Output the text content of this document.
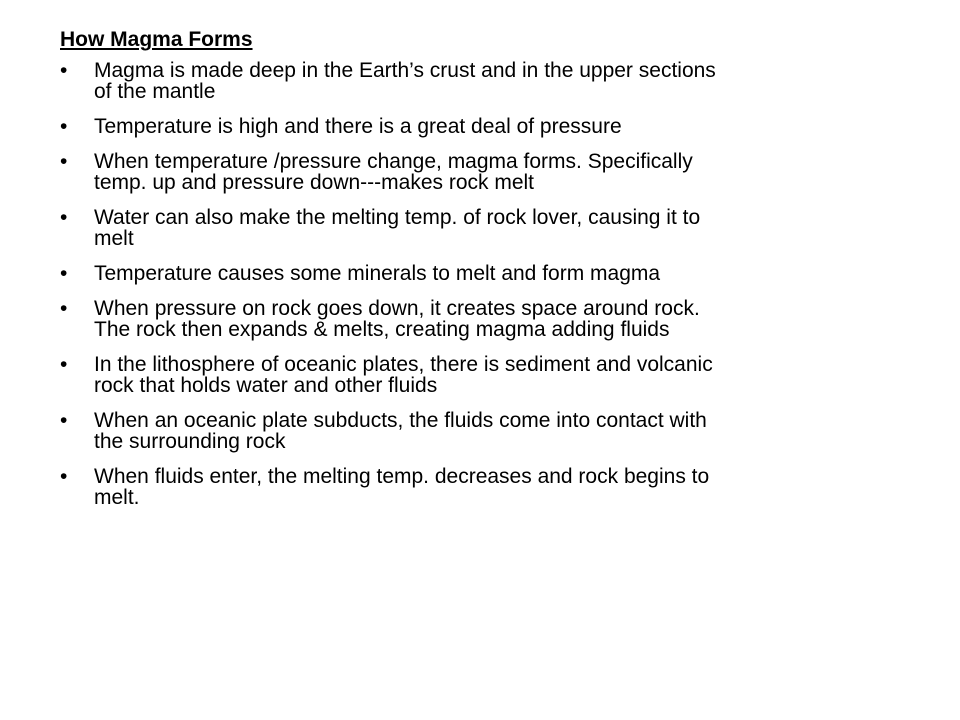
How Magma Forms
•	Magma is made deep in the Earth’s crust and in the upper sections
of the mantle
•	Temperature is high and there is a great deal of pressure
•	When temperature /pressure change, magma forms. Specifically
temp. up and pressure down---makes rock melt
•	Water can also make the melting temp. of rock lover, causing it to
melt
•	Temperature causes some minerals to melt and form magma
•	When pressure on rock goes down, it creates space around rock.
The rock then expands & melts, creating magma adding fluids
•	In the lithosphere of oceanic plates, there is sediment and volcanic
rock that holds water and other fluids
•	When an oceanic plate subducts, the fluids come into contact with
the surrounding rock
•	When fluids enter, the melting temp. decreases and rock begins to
melt.
